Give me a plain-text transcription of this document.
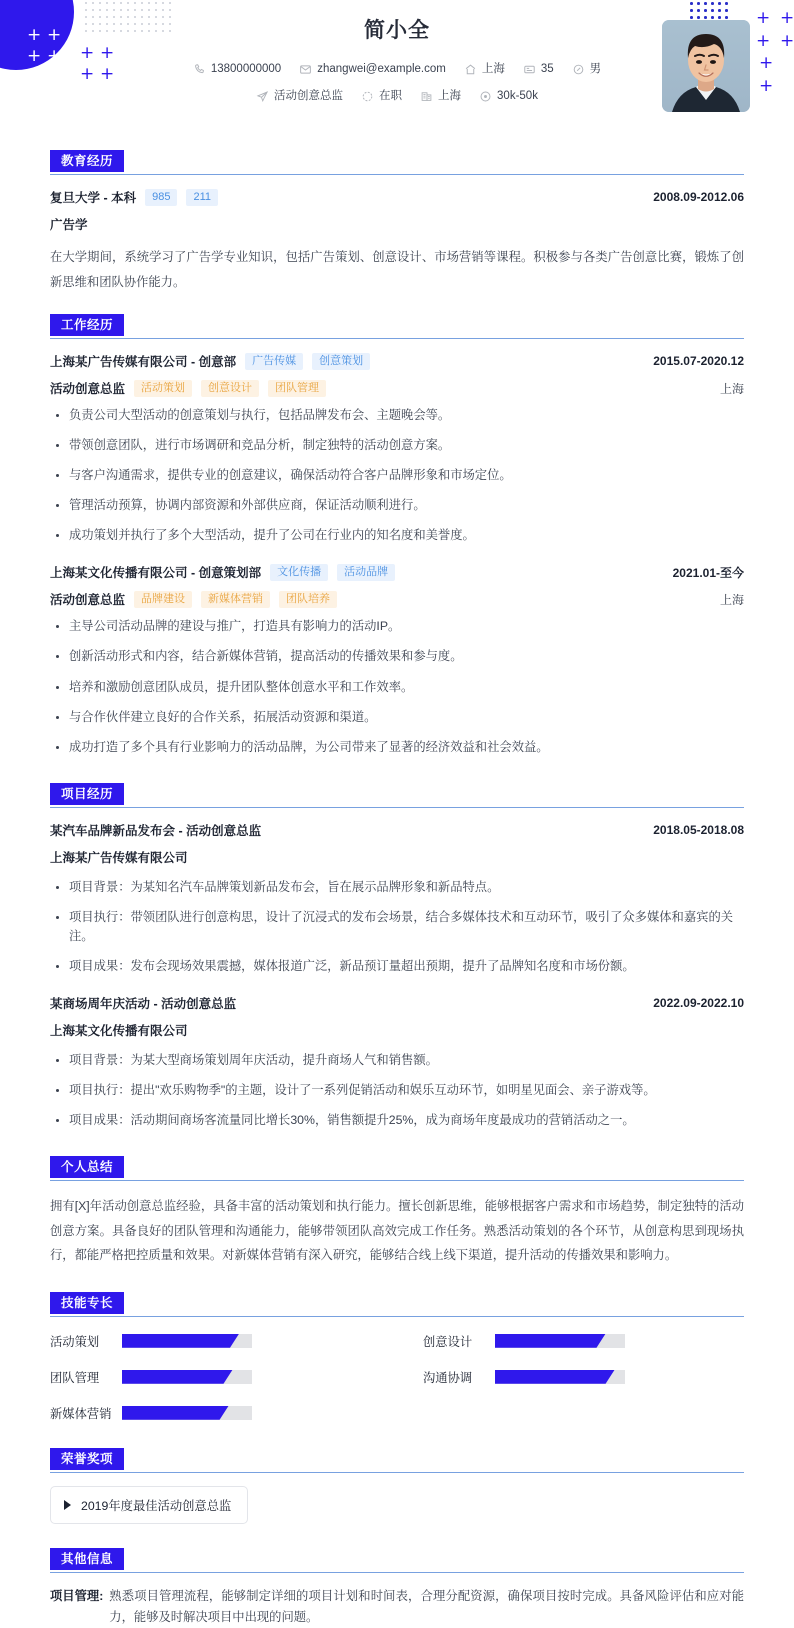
+ +
+ + + +
+ +
+ +
+ +
+
+
简小全
13800000000	zhangwei@example.com	上海	35	男
活动创意总监	在职	上海	30k-50k
教育经历
复旦大学 - 本科	985	211	2008.09-2012.06
广告学
在大学期间，系统学习了广告学专业知识，包括广告策划、创意设计、市场营销等课程。积极参与各类广告创意比赛，锻炼了创新思维和团队协作能力。
工作经历
上海某广告传媒有限公司 - 创意部	广告传媒	创意策划	2015.07-2020.12
活动创意总监	活动策划	创意设计	团队管理	上海
负责公司大型活动的创意策划与执行，包括品牌发布会、主题晚会等。
带领创意团队，进行市场调研和竞品分析，制定独特的活动创意方案。
与客户沟通需求，提供专业的创意建议，确保活动符合客户品牌形象和市场定位。
管理活动预算，协调内部资源和外部供应商，保证活动顺利进行。
成功策划并执行了多个大型活动，提升了公司在行业内的知名度和美誉度。
上海某文化传播有限公司 - 创意策划部	文化传播	活动品牌	2021.01-至今
活动创意总监	品牌建设	新媒体营销	团队培养	上海
主导公司活动品牌的建设与推广，打造具有影响力的活动IP。
创新活动形式和内容，结合新媒体营销，提高活动的传播效果和参与度。
培养和激励创意团队成员，提升团队整体创意水平和工作效率。
与合作伙伴建立良好的合作关系，拓展活动资源和渠道。
成功打造了多个具有行业影响力的活动品牌，为公司带来了显著的经济效益和社会效益。
项目经历
某汽车品牌新品发布会 - 活动创意总监	2018.05-2018.08
上海某广告传媒有限公司
项目背景：为某知名汽车品牌策划新品发布会，旨在展示品牌形象和新品特点。
项目执行：带领团队进行创意构思，设计了沉浸式的发布会场景，结合多媒体技术和互动环节，吸引了众多媒体和嘉宾的关注。
项目成果：发布会现场效果震撼，媒体报道广泛，新品预订量超出预期，提升了品牌知名度和市场份额。
某商场周年庆活动 - 活动创意总监	2022.09-2022.10
上海某文化传播有限公司
项目背景：为某大型商场策划周年庆活动，提升商场人气和销售额。
项目执行：提出"欢乐购物季"的主题，设计了一系列促销活动和娱乐互动环节，如明星见面会、亲子游戏等。
项目成果：活动期间商场客流量同比增长30%，销售额提升25%，成为商场年度最成功的营销活动之一。
个人总结
拥有[X]年活动创意总监经验，具备丰富的活动策划和执行能力。擅长创新思维，能够根据客户需求和市场趋势，制定独特的活动创意方案。具备良好的团队管理和沟通能力，能够带领团队高效完成工作任务。熟悉活动策划的各个环节，从创意构思到现场执行，都能严格把控质量和效果。对新媒体营销有深入研究，能够结合线上线下渠道，提升活动的传播效果和影响力。
技能专长
活动策划	创意设计
团队管理	沟通协调
新媒体营销
荣誉奖项
2019年度最佳活动创意总监
其他信息
项目管理: 熟悉项目管理流程，能够制定详细的项目计划和时间表，合理分配资源，确保项目按时完成。具备风险评估和应对能力，能够及时解决项目中出现的问题。
